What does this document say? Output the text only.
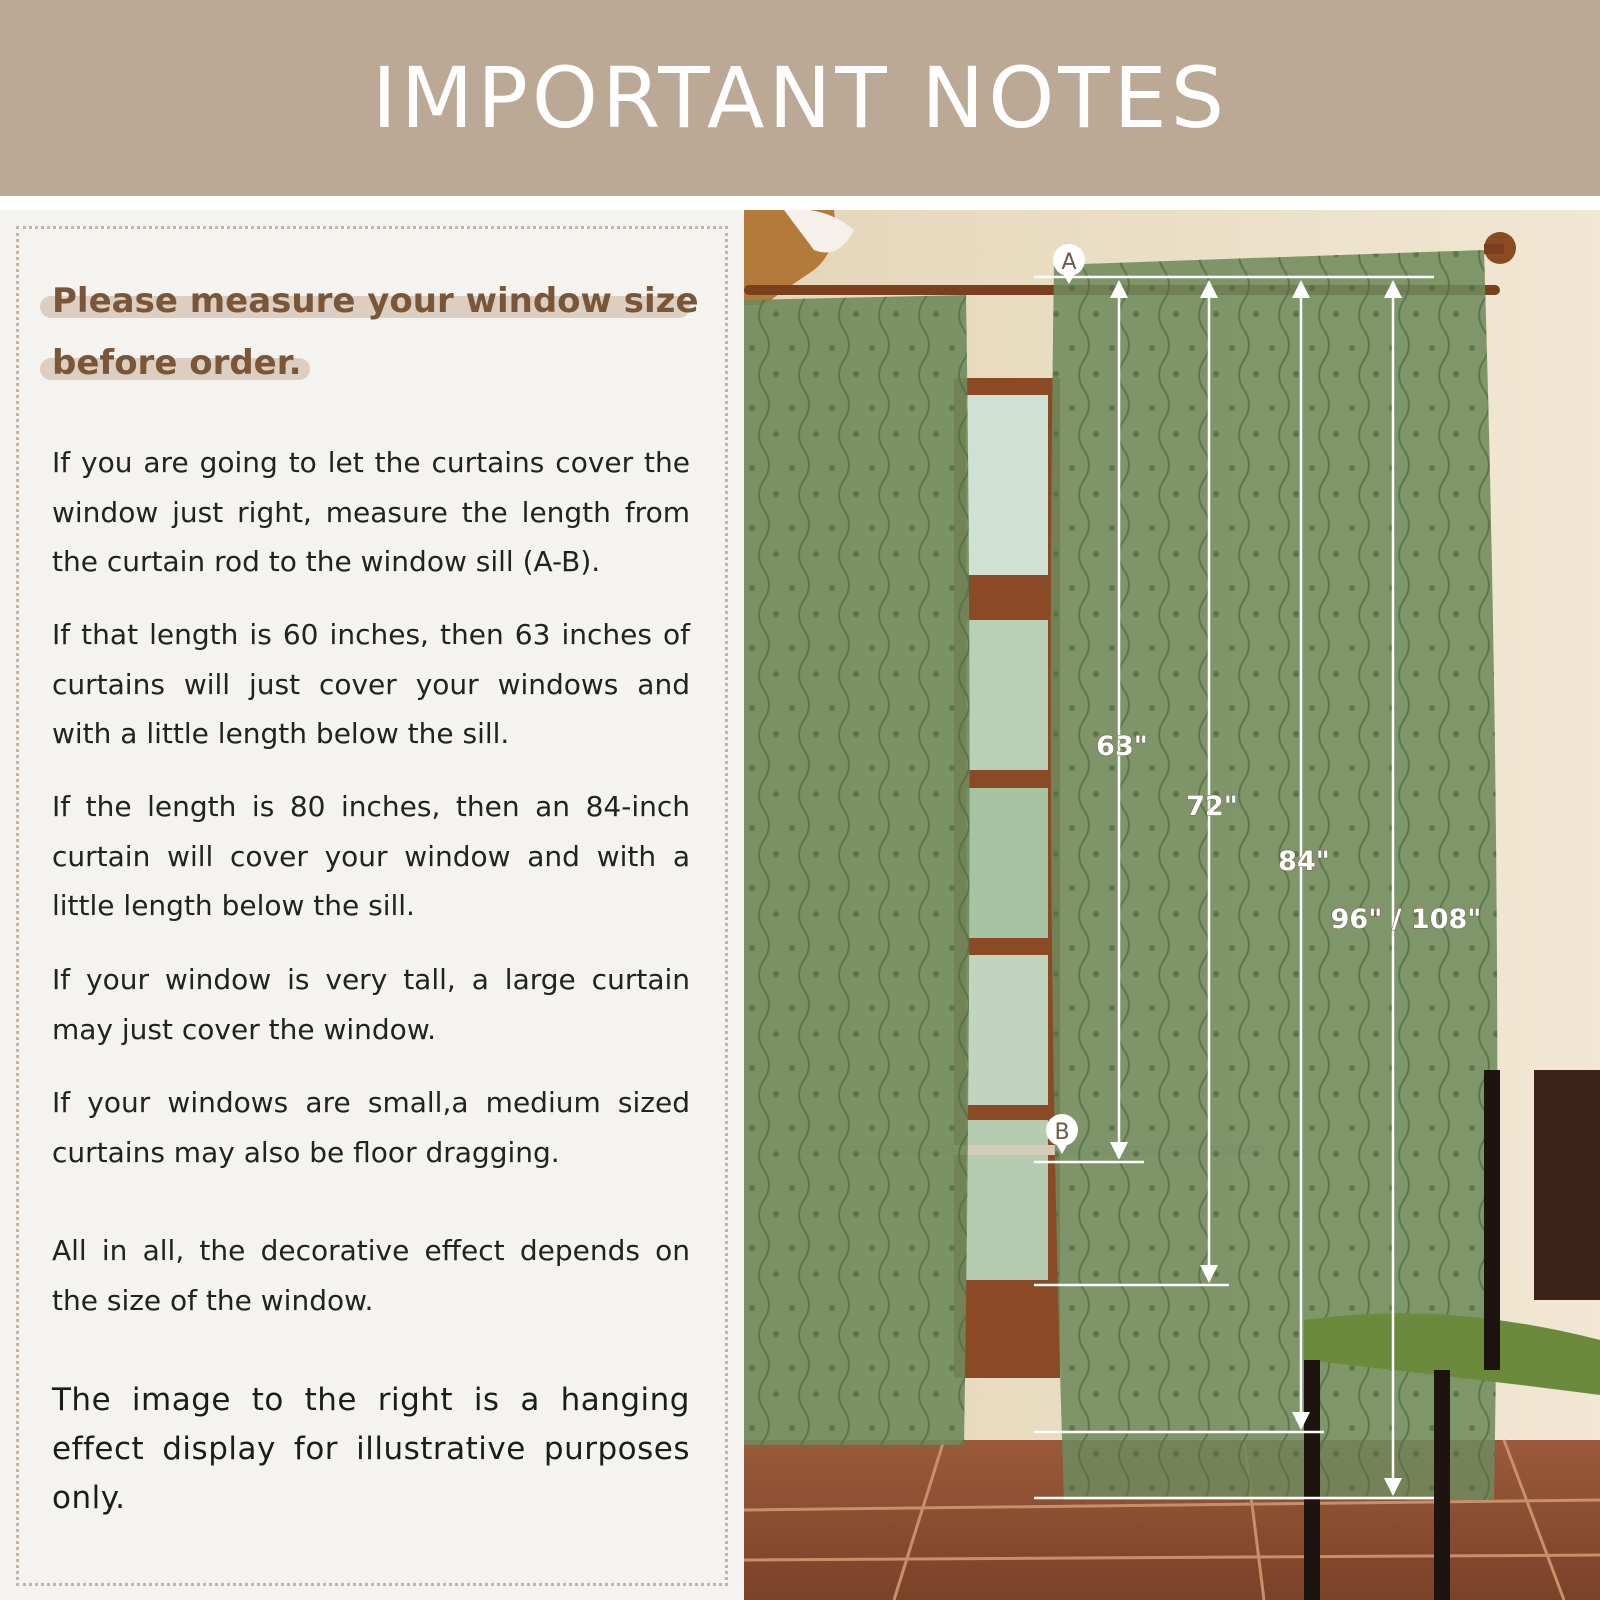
IMPORTANT NOTES
Please measure your window size
before order.
If you are going to let the curtains cover the window just right, measure the length from the curtain rod to the window sill (A-B).
If that length is 60 inches, then 63 inches of curtains will just cover your windows and with a little length below the sill.
If the length is 80 inches, then an 84-inch curtain will cover your window and with a little length below the sill.
If your window is very tall, a large curtain may just cover the window.
If your windows are small,a medium sized curtains may also be floor dragging.
All in all, the decorative effect depends on the size of the window.
The image to the right is a hanging effect display for illustrative purposes only.
A
B
63"
72"
84"
96" / 108"
